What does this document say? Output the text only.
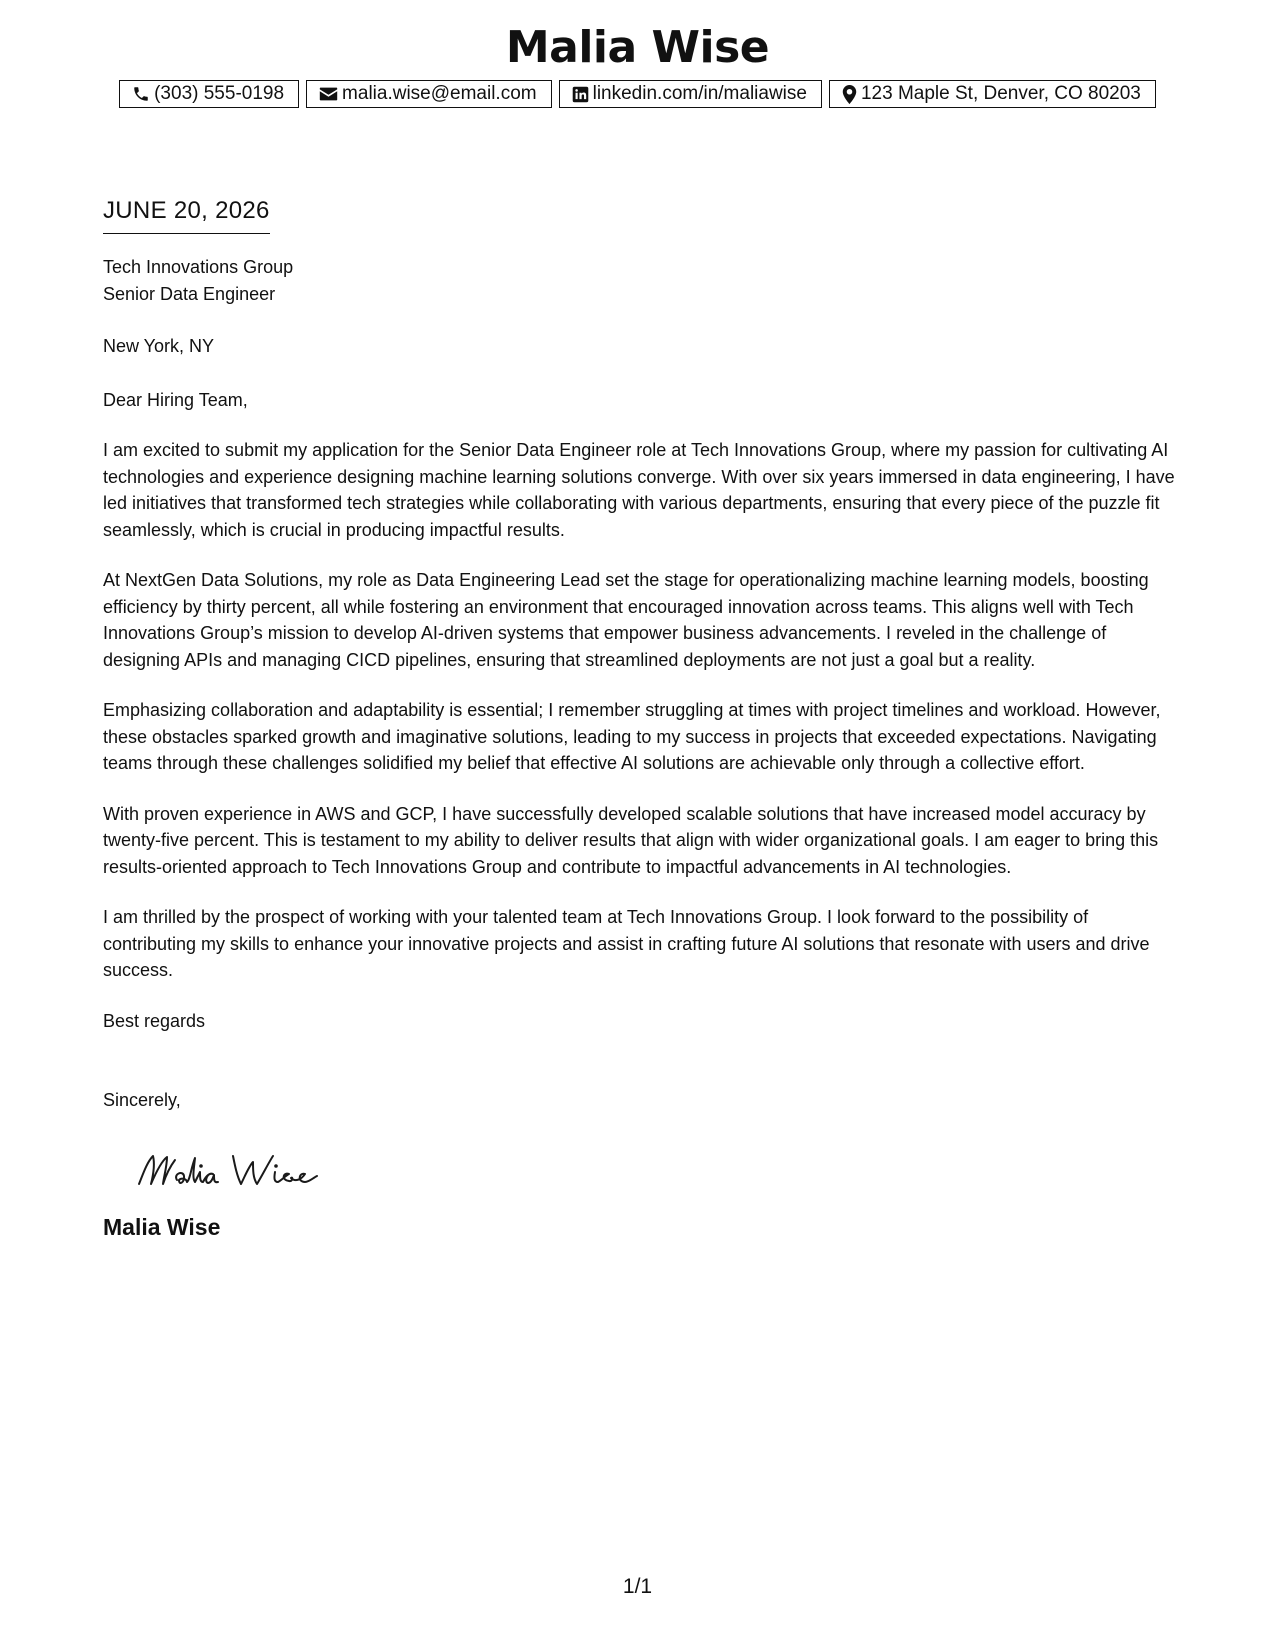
Malia Wise
(303) 555-0198	malia.wise@email.com	linkedin.com/in/maliawise	123 Maple St, Denver, CO 80203
JUNE 20, 2026
Tech Innovations Group
Senior Data Engineer
New York, NY
Dear Hiring Team,

I am excited to submit my application for the Senior Data Engineer role at Tech Innovations Group, where my passion for cultivating AI technologies and experience designing machine learning solutions converge. With over six years immersed in data engineering, I have led initiatives that transformed tech strategies while collaborating with various departments, ensuring that every piece of the puzzle fit seamlessly, which is crucial in producing impactful results.

At NextGen Data Solutions, my role as Data Engineering Lead set the stage for operationalizing machine learning models, boosting efficiency by thirty percent, all while fostering an environment that encouraged innovation across teams. This aligns well with Tech Innovations Group’s mission to develop AI-driven systems that empower business advancements. I reveled in the challenge of designing APIs and managing CICD pipelines, ensuring that streamlined deployments are not just a goal but a reality.

Emphasizing collaboration and adaptability is essential; I remember struggling at times with project timelines and workload. However, these obstacles sparked growth and imaginative solutions, leading to my success in projects that exceeded expectations. Navigating teams through these challenges solidified my belief that effective AI solutions are achievable only through a collective effort.

With proven experience in AWS and GCP, I have successfully developed scalable solutions that have increased model accuracy by twenty-five percent. This is testament to my ability to deliver results that align with wider organizational goals. I am eager to bring this results-oriented approach to Tech Innovations Group and contribute to impactful advancements in AI technologies.

I am thrilled by the prospect of working with your talented team at Tech Innovations Group. I look forward to the possibility of contributing my skills to enhance your innovative projects and assist in crafting future AI solutions that resonate with users and drive success.

Best regards
Sincerely,
Malia Wise
1/1
